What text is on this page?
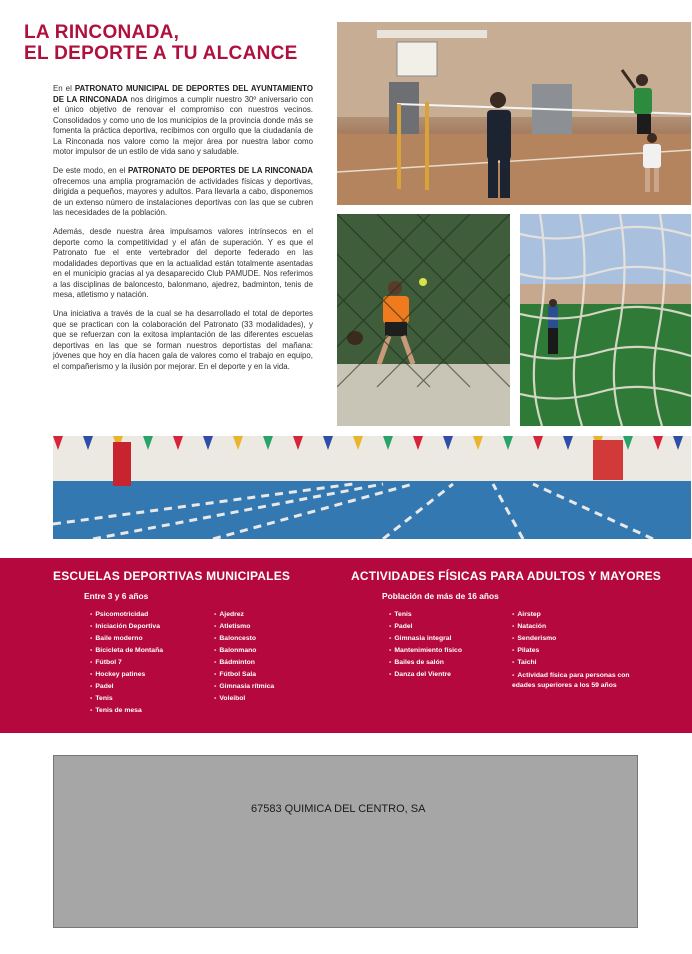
LA RINCONADA,
EL DEPORTE A TU ALCANCE

En el PATRONATO MUNICIPAL DE DEPORTES DEL AYUNTAMIENTO DE LA RINCONADA nos dirigimos a cumplir nuestro 30º aniversario con el único objetivo de renovar el compromiso con nuestros vecinos. Consolidados y como uno de los municipios de la provincia donde más se fomenta la práctica deportiva, recibimos con orgullo que la ciudadanía de La Rinconada nos valore como la mejor área por nuestra labor como motor impulsor de un estilo de vida sano y saludable.

De este modo, en el PATRONATO DE DEPORTES DE LA RINCONADA ofrecemos una amplia programación de actividades físicas y deportivas, dirigida a pequeños, mayores y adultos. Para llevarla a cabo, disponemos de un extenso número de instalaciones deportivas con las que se cubren las necesidades de la población.

Además, desde nuestra área impulsamos valores intrínsecos en el deporte como la competitividad y el afán de superación. Y es que el Patronato fue el ente vertebrador del deporte federado en las modalidades deportivas que en la actualidad están totalmente asentadas en el municipio gracias al ya desaparecido Club PAMUDE. Nos referimos a las disciplinas de baloncesto, balonmano, ajedrez, badminton, tenis de mesa, atletismo y natación.

Una iniciativa a través de la cual se ha desarrollado el total de deportes que se practican con la colaboración del Patronato (33 modalidades), y que se refuerzan con la exitosa implantación de las diferentes escuelas deportivas en las que se forman nuestros deportistas del mañana: jóvenes que hoy en día hacen gala de valores como el trabajo en equipo, el compañerismo y la ilusión por mejorar. En el deporte y en la vida.

ESCUELAS DEPORTIVAS MUNICIPALES
Entre 3 y 6 años
• Psicomotricidad
• Iniciación Deportiva
• Baile moderno
• Bicicleta de Montaña
• Fútbol 7
• Hockey patines
• Padel
• Tenis
• Tenis de mesa
• Ajedrez
• Atletismo
• Baloncesto
• Balonmano
• Bádminton
• Fútbol Sala
• Gimnasia rítmica
• Voleibol
ACTIVIDADES FÍSICAS PARA ADULTOS Y MAYORES
Población de más de 16 años
• Tenis
• Padel
• Gimnasia integral
• Mantenimiento físico
• Bailes de salón
• Danza del Vientre
• Airstep
• Natación
• Senderismo
• Pilates
• Taichi
• Actividad física para personas con edades superiores a los 59 años
67583 QUIMICA DEL CENTRO, SA
